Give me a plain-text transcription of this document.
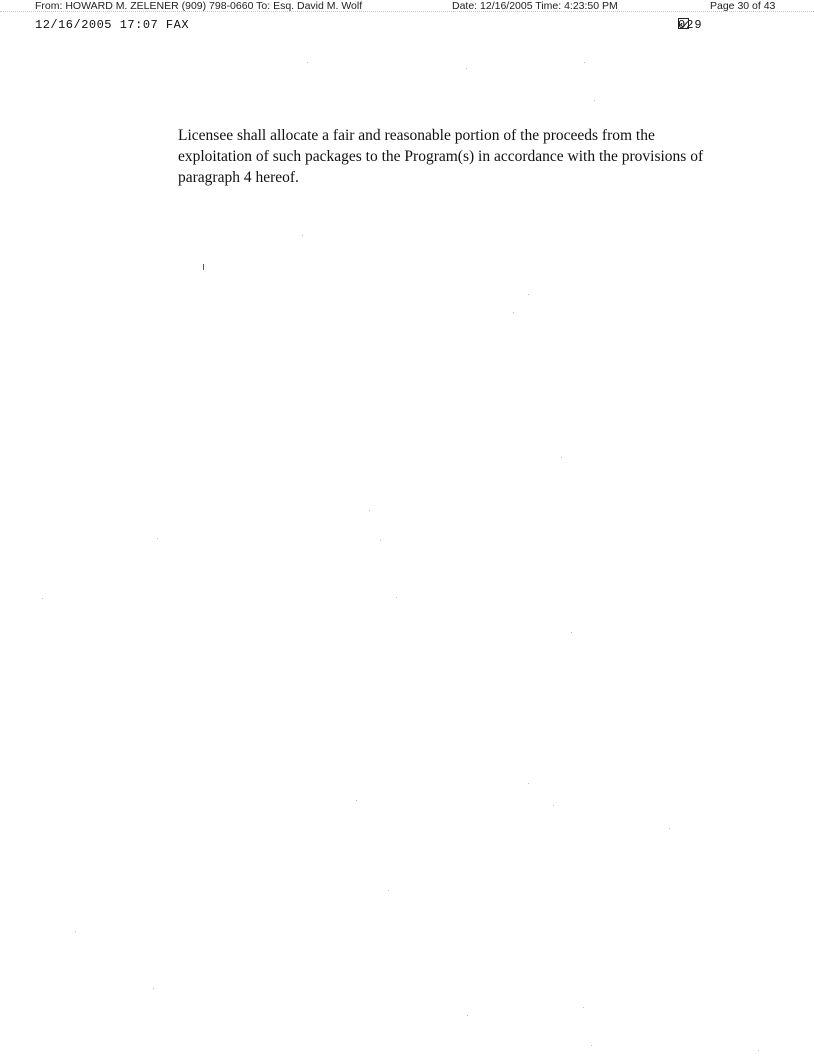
From: HOWARD M. ZELENER (909) 798-0660 To: Esq. David M. Wolf	Date: 12/16/2005 Time: 4:23:50 PM	Page 30 of 43
12/16/2005 17:07 FAX	029

Licensee shall allocate a fair and reasonable portion of the proceeds from the exploitation of such packages to the Program(s) in accordance with the provisions of paragraph 4 hereof.
